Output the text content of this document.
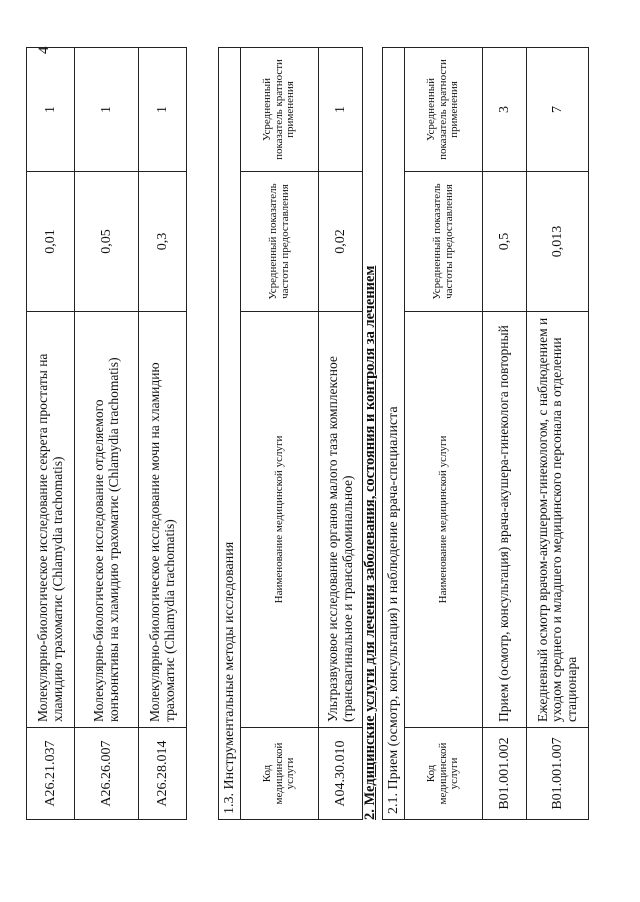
4
A26.21.037	Молекулярно-биологическое исследование секрета простаты на хламидию трахоматис (Chlamydia trachomatis)	0,01	1
A26.26.007	Молекулярно-биологическое исследование отделяемого конъюнктивы на хламидию трахоматис (Chlamydia trachomatis)	0,05	1
A26.28.014	Молекулярно-биологическое исследование мочи на хламидию трахоматис (Chlamydia trachomatis)	0,3	1
1.3. Инструментальные методы исследования			
Код медицинской услуги	Наименование медицинской услуги	Усредненный показатель частоты предоставления	Усредненный показатель кратности применения
A04.30.010	Ультразвуковое исследование органов малого таза комплексное (трансвагинальное и трансабдоминальное)	0,02	1
2. Медицинские услуги для лечения заболевания, состояния и контроля за лечением 2.1. Прием (осмотр, консультация) и наблюдение врача-специалиста			
Код медицинской услуги	Наименование медицинской услуги	Усредненный показатель частоты предоставления	Усредненный показатель кратности применения
B01.001.002	Прием (осмотр, консультация) врача-акушера-гинеколога повторный	0,5	3
B01.001.007	Ежедневный осмотр врачом-акушером-гинекологом, с наблюдением и уходом среднего и младшего медицинского персонала в отделении стационара	0,013	7
